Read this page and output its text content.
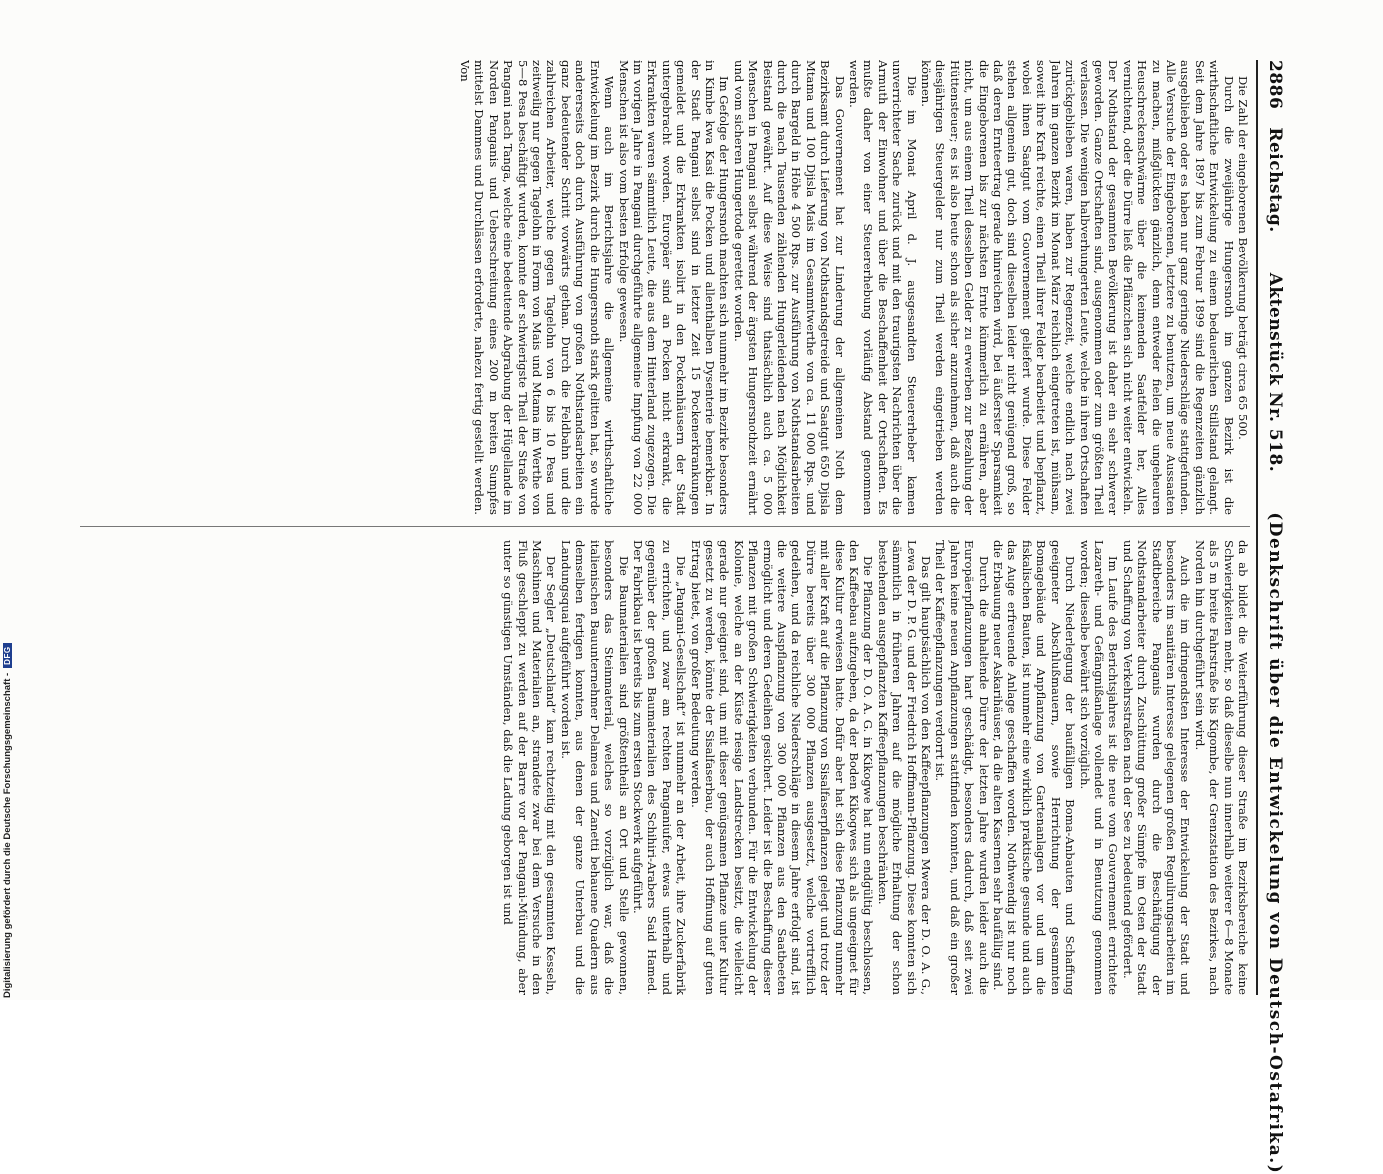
2886
Reichstag.
Aktenstück Nr. 518.
(Denkschrift über die Entwickelung von Deutsch-Ostafrika.)

Die Zahl der eingeborenen Bevölkerung beträgt circa 65 500.

Durch die zweijährige Hungersnoth im ganzen Bezirk ist die wirthschaftliche Entwickelung zu einem bedauerlichen Stillstand gelangt. Seit dem Jahre 1897 bis zum Februar 1899 sind die Regenzeiten gänzlich ausgeblieben oder es haben nur ganz geringe Niederschläge stattgefunden. Alle Versuche der Eingeborenen, letztere zu benutzen, um neue Aussaaten zu machen, mißglückten gänzlich, denn entweder fielen die ungeheuren Heuschreckenschwärme über die keimenden Saatfelder her, Alles vernichtend, oder die Dürre ließ die Pflänzchen sich nicht weiter entwickeln. Der Nothstand der gesammten Bevölkerung ist daher ein sehr schwerer geworden. Ganze Ortschaften sind, ausgenommen oder zum größten Theil verlassen. Die wenigen halbverhungerten Leute, welche in ihren Ortschaften zurückgeblieben waren, haben zur Regenzeit, welche endlich nach zwei Jahren im ganzen Bezirk im Monat März reichlich eingetreten ist, mühsam, soweit ihre Kraft reichte, einen Theil ihrer Felder bearbeitet und bepflanzt, wobei ihnen Saatgut vom Gouvernement geliefert wurde. Diese Felder stehen allgemein gut, doch sind dieselben leider nicht genügend groß, so daß deren Ernteertrag gerade hinreichen wird, bei äußerster Sparsamkeit die Eingeborenen bis zur nächsten Ernte kümmerlich zu ernähren, aber nicht, um aus einem Theil desselben Gelder zu erwerben zur Bezahlung der Hüttensteuer; es ist also heute schon als sicher anzunehmen, daß auch die diesjährigen Steuergelder nur zum Theil werden eingetrieben werden können.

Die im Monat April d. J. ausgesandten Steuererheber kamen unverrichteter Sache zurück und mit den traurigsten Nachrichten über die Armuth der Einwohner und über die Beschaffenheit der Ortschaften. Es mußte daher von einer Steuererhebung vorläufig Abstand genommen werden.

Das Gouvernement hat zur Linderung der allgemeinen Noth dem Bezirksamt durch Lieferung von Nothstandsgetreide und Saatgut 650 Djisla Mtama und 100 Djisla Mais im Gesammtwerthe von ca. 11 000 Rps. und durch Bargeld in Höhe 4 500 Rps. zur Ausführung von Nothstandsarbeiten durch die nach Tausenden zählenden Hungerleidenden nach Möglichkeit Beistand gewährt. Auf diese Weise sind thatsächlich auch ca. 5 000 Menschen in Pangani selbst während der ärgsten Hungersnothzeit ernährt und vom sicheren Hungertode gerettet worden.

Im Gefolge der Hungersnoth machten sich nunmehr im Bezirke besonders in Kimbe kwa Kasi die Pocken und allenthalben Dysenterie bemerkbar. In der Stadt Pangani selbst sind in letzter Zeit 15 Pockenerkrankungen gemeldet und die Erkrankten isolirt in den Pockenhäusern der Stadt untergebracht worden. Europäer sind an Pocken nicht erkrankt, die Erkrankten waren sämmtlich Leute, die aus dem Hinterland zugezogen. Die im vorigen Jahre in Pangani durchgeführte allgemeine Impfung von 22 000 Menschen ist also vom besten Erfolge gewesen.

Wenn auch im Berichtsjahre die allgemeine wirthschaftliche Entwickelung im Bezirk durch die Hungersnoth stark gelitten hat, so wurde andererseits doch durch Ausführung von großen Nothstandsarbeiten ein ganz bedeutender Schritt vorwärts gethan. Durch die Feldbahn und die zahlreichen Arbeiter, welche gegen Tagelohn von 6 bis 10 Pesa und zeitweilig nur gegen Tagelohn in Form von Mais und Mtama im Werthe von 5—8 Pesa beschäftigt wurden, konnte der schwierigste Theil der Straße von Pangani nach Tanga, welche eine bedeutende Abgrabung der Hügellande im Norden Panganis und Ueberschreitung eines 200 m breiten Sumpfes mittelst Dammes und Durchlässen erforderte, nahezu fertig gestellt werden. Von

da ab bildet die Weiterführung dieser Straße im Bezirksbereiche keine Schwierigkeiten mehr, so daß dieselbe nun innerhalb weiterer 6—8 Monate als 5 m breite Fahrstraße bis Kigombe, der Grenzstation des Bezirkes, nach Norden hin durchgeführt sein wird.

Auch die im dringendsten Interesse der Entwickelung der Stadt und besonders im sanitären Interesse gelegenen großen Regulirungsarbeiten im Stadtbereiche Panganis wurden durch die Beschäftigung der Nothstandarbeiter durch Zuschüttung großer Sümpfe im Osten der Stadt und Schaffung von Verkehrsstraßen nach der See zu bedeutend gefördert.

Im Laufe des Berichtsjahres ist die neue vom Gouvernement errichtete Lazareth- und Gefängnißanlage vollendet und in Benutzung genommen worden; dieselbe bewährt sich vorzüglich.

Durch Niederlegung der baufälligen Boma-Anbauten und Schaffung geeigneter Abschlußmauern, sowie Herrichtung der gesammten Bomagebäude und Anpflanzung von Gartenanlagen vor und um die fiskalischen Bauten, ist nunmehr eine wirklich praktische gesunde und auch das Auge erfreuende Anlage geschaffen worden. Nothwendig ist nur noch die Erbauung neuer Askarihäuser, da die alten Kasernen sehr baufällig sind.

Durch die anhaltende Dürre der letzten Jahre wurden leider auch die Europäerpflanzungen hart geschädigt, besonders dadurch, daß seit zwei Jahren keine neuen Anpflanzungen stattfinden konnten, und daß ein großer Theil der Kaffeepflanzungen verdorrt ist.

Das gilt hauptsächlich von den Kaffeepflanzungen Mwera der D. O. A. G., Lewa der D. P. G. und der Friedrich Hoffmann-Pflanzung. Diese konnten sich sämmtlich in früheren Jahren auf die mögliche Erhaltung der schon bestehenden ausgepflanzten Kaffeepflanzungen beschränken.

Die Pflanzung der D. O. A. G. in Kikogwe hat nun endgültig beschlossen, den Kaffeebau aufzugeben, da der Boden Kikogwes sich als ungeeignet für diese Kultur erwiesen hatte. Dafür aber hat sich diese Pflanzung nunmehr mit aller Kraft auf die Pflanzung von Sisalfaserpflanzen gelegt und trotz der Dürre bereits über 300 000 Pflanzen ausgesetzt, welche vortrefflich gedeihen, und da reichliche Niederschläge in diesem Jahre erfolgt sind, ist die weitere Auspflanzung von 300 000 Pflanzen aus den Saatbeeten ermöglicht und deren Gedeihen gesichert. Leider ist die Beschaffung dieser Pflanzen mit großen Schwierigkeiten verbunden. Für die Entwickelung der Kolonie, welche an der Küste riesige Landstrecken besitzt, die vielleicht gerade nur geeignet sind, um mit dieser genügsamen Pflanze unter Kultur gesetzt zu werden, könnte der Sisalfaserbau, der auch Hoffnung auf guten Ertrag bietet, von großer Bedeutung werden.

Die „Pangani-Gesellschaft“ ist nunmehr an der Arbeit, ihre Zuckerfabrik zu errichten, und zwar am rechten Panganiufer, etwas unterhalb und gegenüber der großen Baumaterialien des Schihiri-Arabers Said Hamed. Der Fabrikbau ist bereits bis zum ersten Stockwerk aufgeführt.

Die Baumaterialien sind größtentheils an Ort und Stelle gewonnen, besonders das Steinmaterial, welches so vorzüglich war, daß die italienischen Bauunternehmer Delamea und Zanetti behauene Quadern aus demselben fertigen konnten, aus denen der ganze Unterbau und die Landungsquai aufgeführt worden ist.

Der Segler „Deutschland“ kam rechtzeitig mit den gesammten Kesseln, Maschinen und Materialien an, strandete zwar bei dem Versuche in den Fluß geschleppt zu werden auf der Barre vor der Pangani-Mündung, aber unter so günstigen Umständen, daß die Ladung geborgen ist und

Digitalisierung gefördert durch die Deutsche Forschungsgemeinschaft -
DFG
